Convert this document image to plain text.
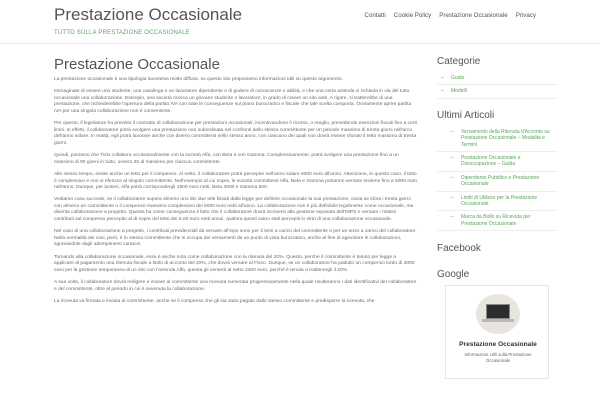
Prestazione Occasionale
TUTTO SULLA PRESTAZIONE OCCASIONALE
Contatti Cookie Policy Prestazione Occasionale Privacy
Prestazione Occasionale

La prestazione occasionale è una tipologia lavorativa molto diffusa, su questo sito proponiamo informazioni utili su questo argomento.

Immaginate di essere uno studente, una casalinga o un lavoratore dipendente e di godere di conoscenze o abilità, e che una certa azienda vi richieda in via del tutto occasionale una collaborazione. Esempio, una società ricerca un giovane studente o lavoratore, in grado di creare un sito web. A rigore, si tratterebbe di una prestazione, che richiederebbe l'apertura della partita IVA con tutte le conseguenze sul piano burocratico e fiscale che tale scelta comporta. Ovviamente aprire partita IVA per una singola collaborazione non è conveniente.

Per questo, il legislatore ha previsto il contratto di collaborazione per prestazioni occasionali, incentivandone il ricorso, o meglio, prevedendo esenzioni fiscali fino a certi limiti. In effetti, il collaboratore potrà svolgere una prestazione non subordinata nel confronti dello stesso committente per un periodo massimo di trenta giorni nell'arco dell'anno solare. In realtà, egli potrà lavorare anche con diversi committenti nello stesso anno, con ciascuno dei quali non dovrà essere sforato il tetto massimo di trenta giorni.

Quindi, poniamo che Tizio collabora occasionalmente con la società Alfa, con Beta e con Gamma. Complessivamente, potrà svolgere una prestazione fino a un massimo di 90 giorni in tutto, ovvero 30 al massimo per ciascun committente.

Allo stesso tempo, esiste anche un tetto per il compenso. Al netto, il collaboratore potrà percepire nell'anno solare 5000 euro all'anno. Attenzione, in questo caso, il tetto è complessivo e non si riferisce al singolo committente. Nell'esempio di cui sopra, le società committenti Alfa, Beta e Gamma potranno versare insieme fino a 5000 euro nell'anno. Dunque, per ipotesi, Alfa potrà corrispondergli 1500 euro netti, Beta 3000 e Gamma 500.

Vediamo cosa succede, se il collaboratore supera almeno uno dei due tetti fissati dalla legge per definire occasionale la sua prestazione, ossia se sfora i trenta giorni con almeno un committente o il compenso massimo complessivo dei 5000 euro netti all'anno. La collaborazione non è più definibile legalmente come occasionale, ma diventa collaborazione a progetto. Questa ha come conseguenza il fatto che il collaboratore dovrà iscriversi alla gestione separata dell'INPS e versare i relativi contributi sul compenso percepito al di sopra del tetto dei 5.00 euro netti annui, qualora questi siano stati percepiti in virtù di una collaborazione occasionale.

Nel caso di una collaborazione a progetto, i contributi previdenziali da versare all'Inps sono per 2 terzi a carico del committente e per un terzo a carico del collaboratore. Nella normalità dei casi, però, è lo stesso committente che si occupa dei versamenti da un punto di vista burocratico, anche al fine di agevolare le collaborazioni, sgravandole dagli adempimenti cartacei.

Tornando alla collaborazione occasionale, essa è anche nota come collaborazione con la ritenuta del 20%. Questo, perché il committente è tenuto per legge a applicare al pagamento una ritenuta fiscale a titolo di acconto del 20%, che dovrà versare al Fisco. Dunque, se un collaboratore ha pattuito un compenso lordo di 3000 euro per la gestione temporanea di un sito con l'azienda Alfa, questa gli verserà al netto 2400 euro, perché è tenuta a trattenergli il 20%.

A sua volta, il collaboratore dovrà redigere e inviare al committente una ricevuta numerata progressivamente nella quale risulteranno i dati identificativi del collaboratore e del committente, oltre al periodo in cui è avvenuta la collaborazione.

La ricevuta va firmata e inviata al committente, anche se il compenso che gli sia stato pagato dallo stesso committente e predisporre la ricevuta, che

Categorie
– Guide
– Modelli
Ultimi Articoli
– Versamento della Ritenuta d'Acconto su Prestazione Occasionale – Modalità e Termini
– Prestazione Occasionale e Disoccupazione – Guida
– Dipendente Pubblico e Prestazione Occasionale
– Limiti di Utilizzo per la Prestazione Occasionale
– Marca da Bollo su Ricevuta per Prestazione Occasionale
Facebook
Google
Prestazione Occasionale
Informazioni Utili sulla Prestazione Occasionale
